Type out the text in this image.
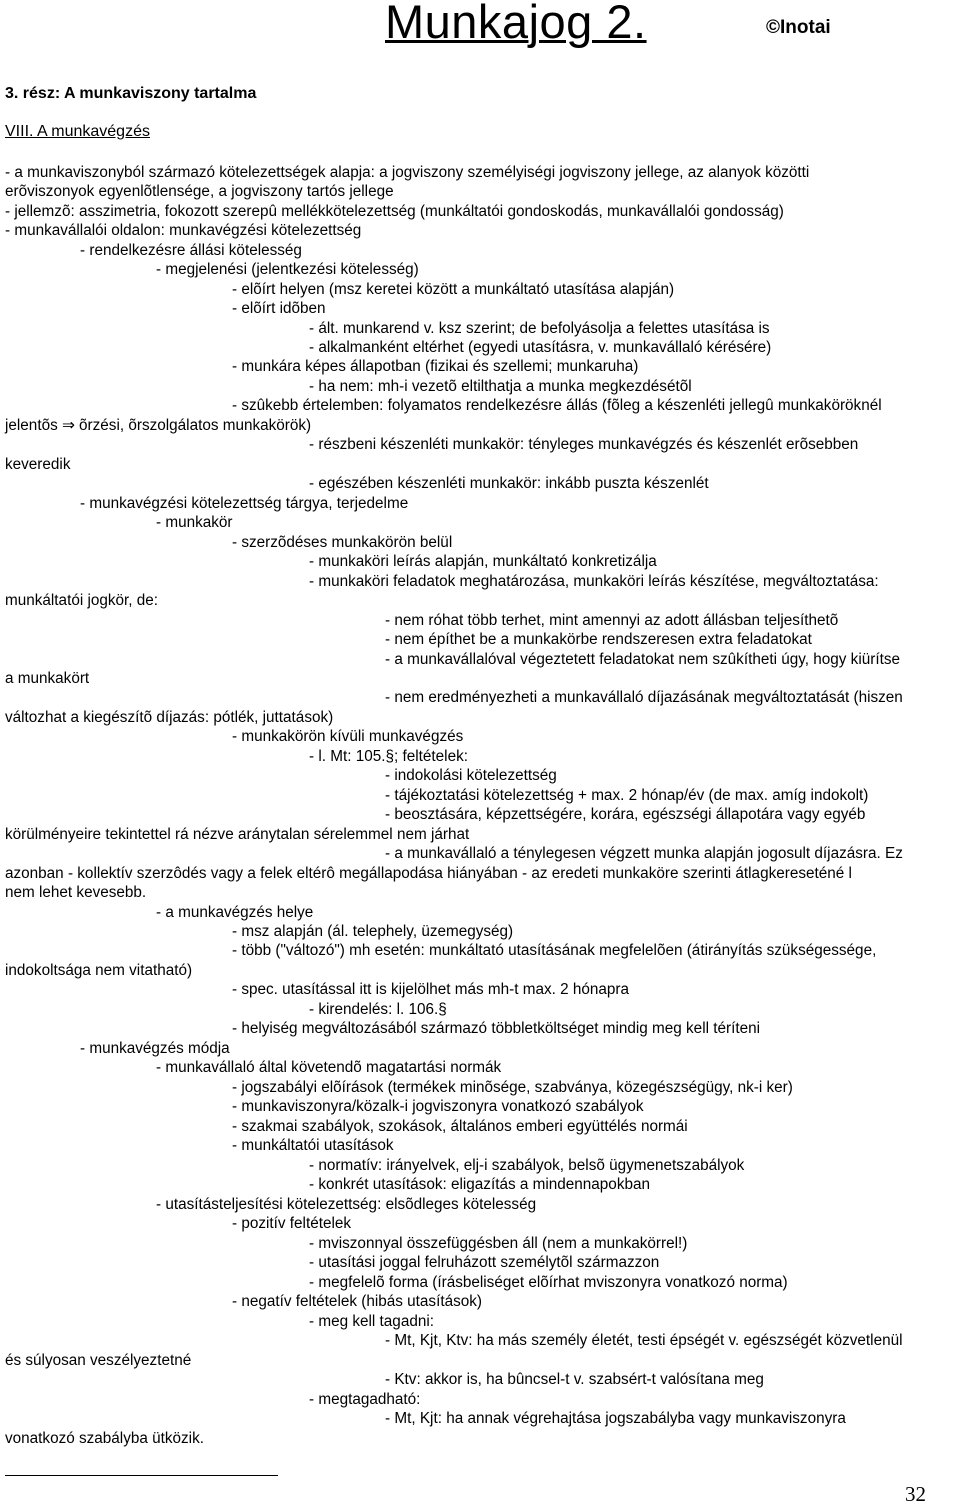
Munkajog 2.	©Inotai
3. rész: A munkaviszony tartalma
VIII. A munkavégzés
- a munkaviszonyból származó kötelezettségek alapja: a jogviszony személyiségi jogviszony jellege, az alanyok közötti
erõviszonyok egyenlõtlensége, a jogviszony tartós jellege
- jellemzõ: asszimetria, fokozott szerepû mellékkötelezettség (munkáltatói gondoskodás, munkavállalói gondosság)
- munkavállalói oldalon: munkavégzési kötelezettség
- rendelkezésre állási kötelesség
- megjelenési (jelentkezési kötelesség)
- elõírt helyen (msz keretei között a munkáltató utasítása alapján)
- elõírt idõben
- ált. munkarend v. ksz szerint; de befolyásolja a felettes utasítása is
- alkalmanként eltérhet (egyedi utasításra, v. munkavállaló kérésére)
- munkára képes állapotban (fizikai és szellemi; munkaruha)
- ha nem: mh-i vezetõ eltilthatja a munka megkezdésétõl
- szûkebb értelemben: folyamatos rendelkezésre állás (fõleg a készenléti jellegû munkaköröknél
jelentõs ⇒ õrzési, õrszolgálatos munkakörök)
- részbeni készenléti munkakör: tényleges munkavégzés és készenlét erõsebben
keveredik
- egészében készenléti munkakör: inkább puszta készenlét
- munkavégzési kötelezettség tárgya, terjedelme
- munkakör
- szerzõdéses munkakörön belül
- munkaköri leírás alapján, munkáltató konkretizálja
- munkaköri feladatok meghatározása, munkaköri leírás készítése, megváltoztatása:
munkáltatói jogkör, de:
- nem róhat több terhet, mint amennyi az adott állásban teljesíthetõ
- nem építhet be a munkakörbe rendszeresen extra feladatokat
- a munkavállalóval végeztetett feladatokat nem szûkítheti úgy, hogy kiürítse
a munkakört
- nem eredményezheti a munkavállaló díjazásának megváltoztatását (hiszen
változhat a kiegészítõ díjazás: pótlék, juttatások)
- munkakörön kívüli munkavégzés
- l. Mt: 105.§; feltételek:
- indokolási kötelezettség
- tájékoztatási kötelezettség + max. 2 hónap/év (de max. amíg indokolt)
- beosztására, képzettségére, korára, egészségi állapotára vagy egyéb
körülményeire tekintettel rá nézve aránytalan sérelemmel nem járhat
- a munkavállaló a ténylegesen végzett munka alapján jogosult díjazásra. Ez
azonban - kollektív szerzôdés vagy a felek eltérô megállapodása hiányában - az eredeti munkaköre szerinti átlagkereseténé l
nem lehet kevesebb.
- a munkavégzés helye
- msz alapján (ál. telephely, üzemegység)
- több ("változó") mh esetén: munkáltató utasításának megfelelõen (átirányítás szükségessége,
indokoltsága nem vitatható)
- spec. utasítással itt is kijelölhet más mh-t max. 2 hónapra
- kirendelés: l. 106.§
- helyiség megváltozásából származó többletköltséget mindig meg kell téríteni
- munkavégzés módja
- munkavállaló által követendõ magatartási normák
- jogszabályi elõírások (termékek minõsége, szabványa, közegészségügy, nk-i ker)
- munkaviszonyra/közalk-i jogviszonyra vonatkozó szabályok
- szakmai szabályok, szokások, általános emberi együttélés normái
- munkáltatói utasítások
- normatív: irányelvek, elj-i szabályok, belsõ ügymenetszabályok
- konkrét utasítások: eligazítás a mindennapokban
- utasításteljesítési kötelezettség: elsõdleges kötelesség
- pozitív feltételek
- mviszonnyal összefüggésben áll (nem a munkakörrel!)
- utasítási joggal felruházott személytõl származzon
- megfelelõ forma (írásbeliséget elõírhat mviszonyra vonatkozó norma)
- negatív feltételek (hibás utasítások)
- meg kell tagadni:
- Mt, Kjt, Ktv: ha más személy életét, testi épségét v. egészségét közvetlenül
és súlyosan veszélyeztetné
- Ktv: akkor is, ha bûncsel-t v. szabsért-t valósítana meg
- megtagadható:
- Mt, Kjt: ha annak végrehajtása jogszabályba vagy munkaviszonyra
vonatkozó szabályba ütközik.
32
